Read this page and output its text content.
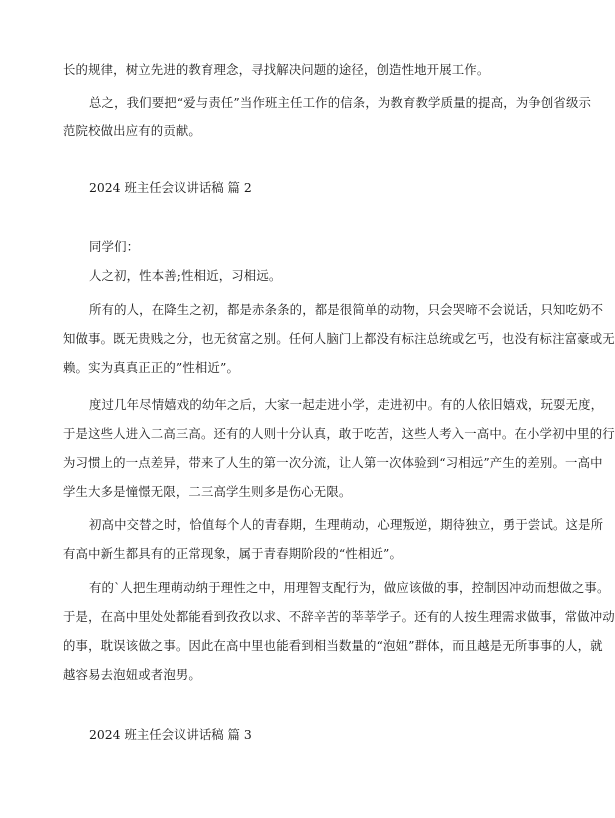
长的规律，树立先进的教育理念，寻找解决问题的途径，创造性地开展工作。
总之，我们要把“爱与责任”当作班主任工作的信条，为教育教学质量的提高，为争创省级示
范院校做出应有的贡献。
2024 班主任会议讲话稿 篇 2
同学们：
人之初，性本善;性相近，习相远。
所有的人，在降生之初，都是赤条条的，都是很简单的动物，只会哭啼不会说话，只知吃奶不
知做事。既无贵贱之分，也无贫富之别。任何人脑门上都没有标注总统或乞丐，也没有标注富豪或无
赖。实为真真正正的”性相近”。
度过几年尽情嬉戏的幼年之后，大家一起走进小学，走进初中。有的人依旧嬉戏，玩耍无度，
于是这些人进入二高三高。还有的人则十分认真，敢于吃苦，这些人考入一高中。在小学初中里的行
为习惯上的一点差异，带来了人生的第一次分流，让人第一次体验到“习相远”产生的差别。一高中
学生大多是憧憬无限，二三高学生则多是伤心无限。
初高中交替之时，恰值每个人的青春期，生理萌动，心理叛逆，期待独立，勇于尝试。这是所
有高中新生都具有的正常现象，属于青春期阶段的“性相近”。
有的`人把生理萌动纳于理性之中，用理智支配行为，做应该做的事，控制因冲动而想做之事。
于是，在高中里处处都能看到孜孜以求、不辞辛苦的莘莘学子。还有的人按生理需求做事，常做冲动
的事，耽误该做之事。因此在高中里也能看到相当数量的“泡妞”群体，而且越是无所事事的人，就
越容易去泡妞或者泡男。
2024 班主任会议讲话稿 篇 3
